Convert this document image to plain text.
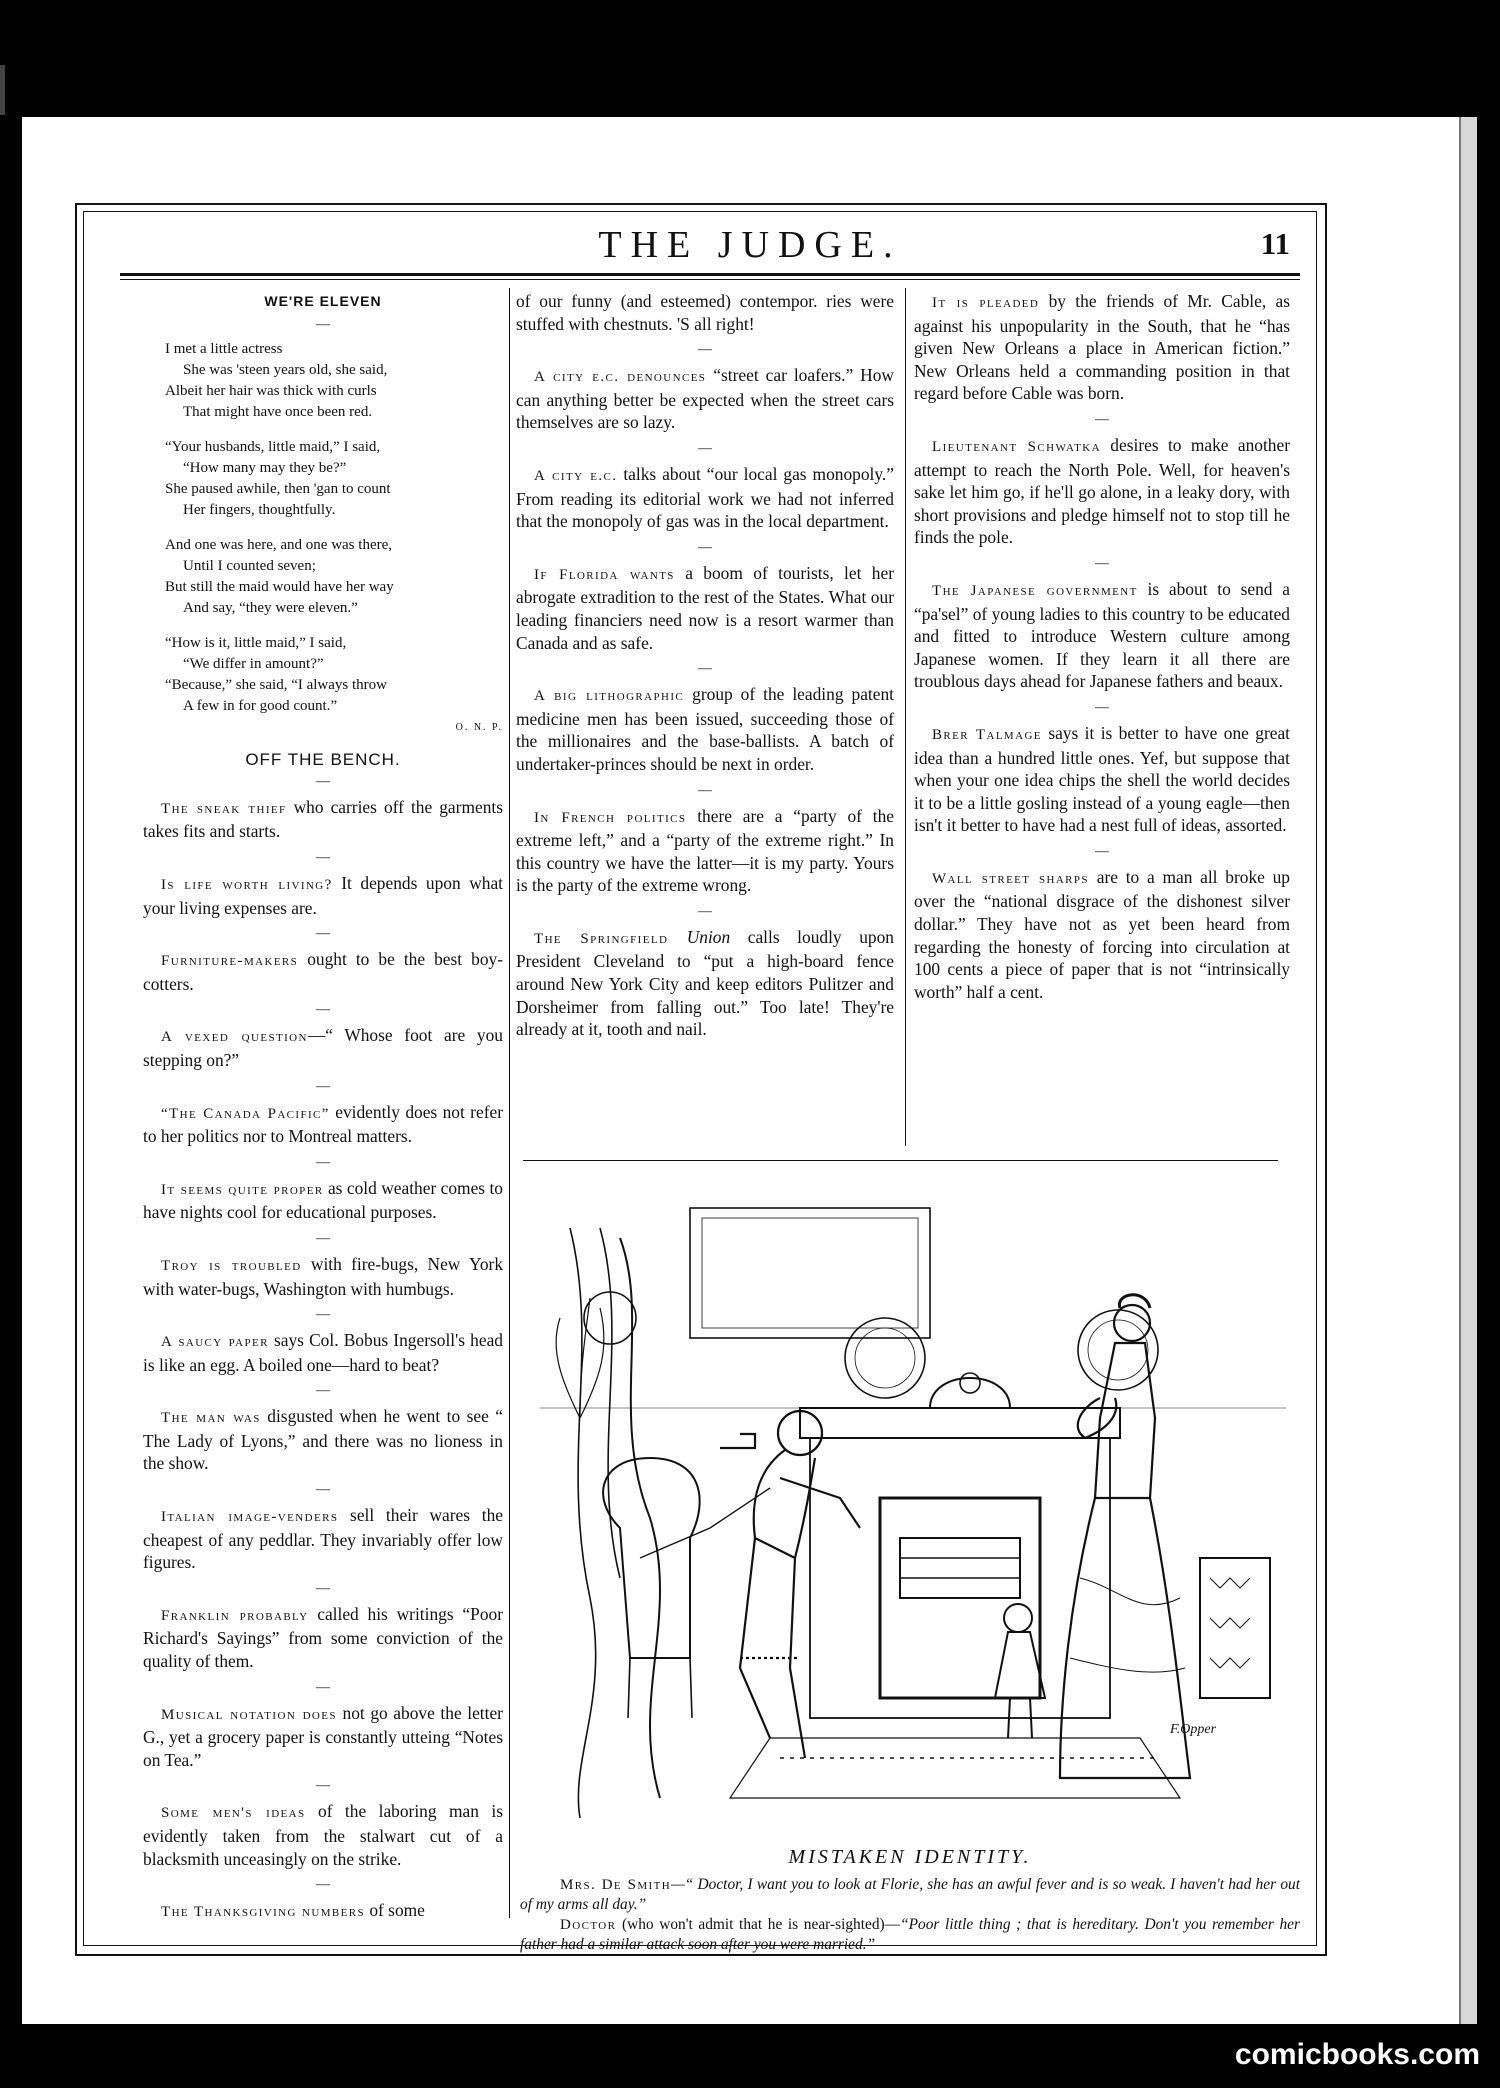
THE JUDGE.	11
WE'RE ELEVEN
—
I met a little actress
She was 'steen years old, she said,
Albeit her hair was thick with curls
That might have once been red.
“Your husbands, little maid,” I said,
“How many may they be?”
She paused awhile, then 'gan to count
Her fingers, thoughtfully.
And one was here, and one was there,
Until I counted seven;
But still the maid would have her way
And say, “they were eleven.”
“How is it, little maid,” I said,
“We differ in amount?”
“Because,” she said, “I always throw
A few in for good count.”
O. N. P.
OFF THE BENCH.
—

The sneak thief who carries off the garments takes fits and starts.

—

Is life worth living? It depends upon what your living expenses are.

—

Furniture-makers ought to be the best boy-cotters.

—

A vexed question—“ Whose foot are you stepping on?”

—

“The Canada Pacific” evidently does not refer to her politics nor to Montreal matters.

—

It seems quite proper as cold weather comes to have nights cool for educational purposes.

—

Troy is troubled with fire-bugs, New York with water-bugs, Washington with humbugs.

—

A saucy paper says Col. Bobus Ingersoll's head is like an egg. A boiled one—hard to beat?

—

The man was disgusted when he went to see “ The Lady of Lyons,” and there was no lioness in the show.

—

Italian image-venders sell their wares the cheapest of any peddlar. They invariably offer low figures.

—

Franklin probably called his writings “Poor Richard's Sayings” from some conviction of the quality of them.

—

Musical notation does not go above the letter G., yet a grocery paper is constantly utteing “Notes on Tea.”

—

Some men's ideas of the laboring man is evidently taken from the stalwart cut of a blacksmith unceasingly on the strike.

—

The Thanksgiving numbers of some

of our funny (and esteemed) contempor. ries were stuffed with chestnuts. 'S all right!

—

A city e.c. denounces “street car loafers.” How can anything better be expected when the street cars themselves are so lazy.

—

A city e.c. talks about “our local gas monopoly.” From reading its editorial work we had not inferred that the monopoly of gas was in the local department.

—

If Florida wants a boom of tourists, let her abrogate extradition to the rest of the States. What our leading financiers need now is a resort warmer than Canada and as safe.

—

A big lithographic group of the leading patent medicine men has been issued, succeeding those of the millionaires and the base-ballists. A batch of undertaker-princes should be next in order.

—

In French politics there are a “party of the extreme left,” and a “party of the extreme right.” In this country we have the latter—it is my party. Yours is the party of the extreme wrong.

—

The Springfield Union calls loudly upon President Cleveland to “put a high-board fence around New York City and keep editors Pulitzer and Dorsheimer from falling out.” Too late! They're already at it, tooth and nail.

It is pleaded by the friends of Mr. Cable, as against his unpopularity in the South, that he “has given New Orleans a place in American fiction.” New Orleans held a commanding position in that regard before Cable was born.

—

Lieutenant Schwatka desires to make another attempt to reach the North Pole. Well, for heaven's sake let him go, if he'll go alone, in a leaky dory, with short provisions and pledge himself not to stop till he finds the pole.

—

The Japanese government is about to send a “pa'sel” of young ladies to this country to be educated and fitted to introduce Western culture among Japanese women. If they learn it all there are troublous days ahead for Japanese fathers and beaux.

—

Brer Talmage says it is better to have one great idea than a hundred little ones. Yef, but suppose that when your one idea chips the shell the world decides it to be a little gosling instead of a young eagle—then isn't it better to have had a nest full of ideas, assorted.

—

Wall street sharps are to a man all broke up over the “national disgrace of the dishonest silver dollar.” They have not as yet been heard from regarding the honesty of forcing into circulation at 100 cents a piece of paper that is not “intrinsically worth” half a cent.

F.Opper
MISTAKEN IDENTITY.

Mrs. De Smith—“ Doctor, I want you to look at Florie, she has an awful fever and is so weak. I haven't had her out of my arms all day.”

Doctor (who won't admit that he is near-sighted)—“Poor little thing ; that is hereditary. Don't you remember her father had a similar attack soon after you were married.”

comicbooks.com
